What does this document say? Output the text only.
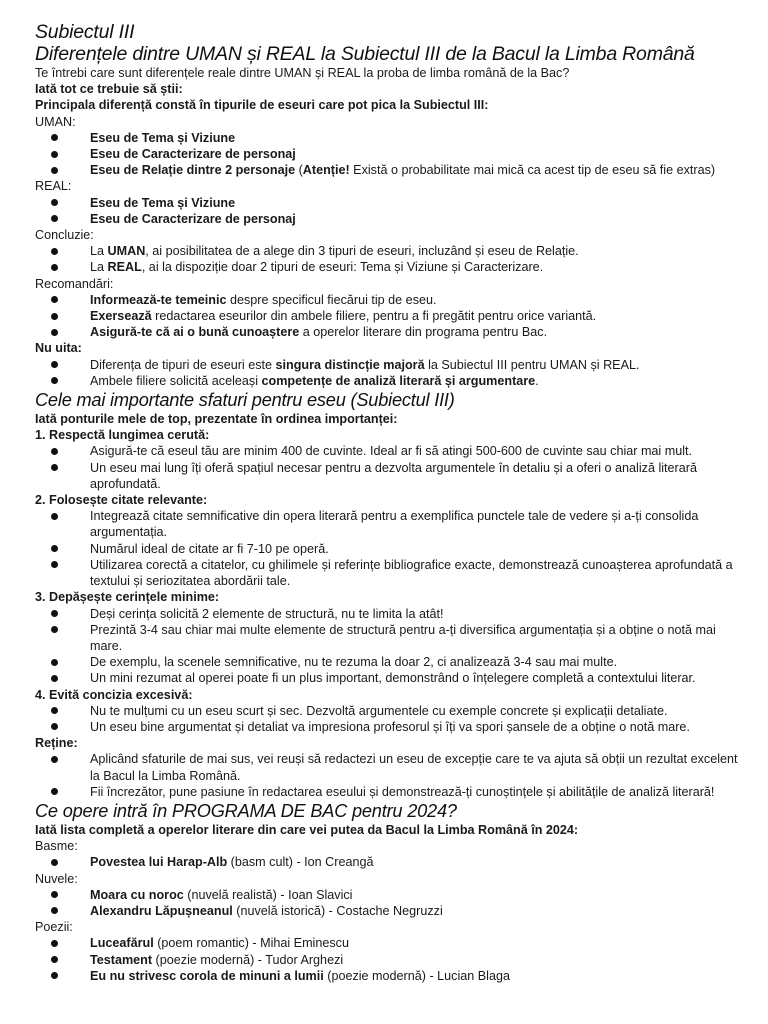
Subiectul III
Diferențele dintre UMAN și REAL la Subiectul III de la Bacul la Limba Română

Te întrebi care sunt diferențele reale dintre UMAN și REAL la proba de limba română de la Bac?

Iată tot ce trebuie să știi:

Principala diferență constă în tipurile de eseuri care pot pica la Subiectul III:

UMAN:

Eseu de Tema și Viziune
Eseu de Caracterizare de personaj
Eseu de Relație dintre 2 personaje (Atenție! Există o probabilitate mai mică ca acest tip de eseu să fie extras)

REAL:

Eseu de Tema și Viziune
Eseu de Caracterizare de personaj

Concluzie:

La UMAN, ai posibilitatea de a alege din 3 tipuri de eseuri, incluzând și eseu de Relație.
La REAL, ai la dispoziție doar 2 tipuri de eseuri: Tema și Viziune și Caracterizare.

Recomandări:

Informează-te temeinic despre specificul fiecărui tip de eseu.
Exersează redactarea eseurilor din ambele filiere, pentru a fi pregătit pentru orice variantă.
Asigură-te că ai o bună cunoaștere a operelor literare din programa pentru Bac.

Nu uita:

Diferența de tipuri de eseuri este singura distincție majoră la Subiectul III pentru UMAN și REAL.
Ambele filiere solicită aceleași competențe de analiză literară și argumentare.
Cele mai importante sfaturi pentru eseu (Subiectul III)

Iată ponturile mele de top, prezentate în ordinea importanței:

1. Respectă lungimea cerută:

Asigură-te că eseul tău are minim 400 de cuvinte. Ideal ar fi să atingi 500-600 de cuvinte sau chiar mai mult.
Un eseu mai lung îți oferă spațiul necesar pentru a dezvolta argumentele în detaliu și a oferi o analiză literară aprofundată.

2. Folosește citate relevante:

Integrează citate semnificative din opera literară pentru a exemplifica punctele tale de vedere și a-ți consolida argumentația.
Numărul ideal de citate ar fi 7-10 pe operă.
Utilizarea corectă a citatelor, cu ghilimele și referințe bibliografice exacte, demonstrează cunoașterea aprofundată a textului și seriozitatea abordării tale.

3. Depășește cerințele minime:

Deși cerința solicită 2 elemente de structură, nu te limita la atât!
Prezintă 3-4 sau chiar mai multe elemente de structură pentru a-ți diversifica argumentația și a obține o notă mai mare.
De exemplu, la scenele semnificative, nu te rezuma la doar 2, ci analizează 3-4 sau mai multe.
Un mini rezumat al operei poate fi un plus important, demonstrând o înțelegere completă a contextului literar.

4. Evită concizia excesivă:

Nu te mulțumi cu un eseu scurt și sec. Dezvoltă argumentele cu exemple concrete și explicații detaliate.
Un eseu bine argumentat și detaliat va impresiona profesorul și îți va spori șansele de a obține o notă mare.

Reține:

Aplicând sfaturile de mai sus, vei reuși să redactezi un eseu de excepție care te va ajuta să obții un rezultat excelent la Bacul la Limba Română.
Fii încrezător, pune pasiune în redactarea eseului și demonstrează-ți cunoștințele și abilitățile de analiză literară!
Ce opere intră în PROGRAMA DE BAC pentru 2024?

Iată lista completă a operelor literare din care vei putea da Bacul la Limba Română în 2024:

Basme:

Povestea lui Harap-Alb (basm cult) - Ion Creangă

Nuvele:

Moara cu noroc (nuvelă realistă) - Ioan Slavici
Alexandru Lăpușneanul (nuvelă istorică) - Costache Negruzzi

Poezii:

Luceafărul (poem romantic) - Mihai Eminescu
Testament (poezie modernă) - Tudor Arghezi
Eu nu strivesc corola de minuni a lumii (poezie modernă) - Lucian Blaga
